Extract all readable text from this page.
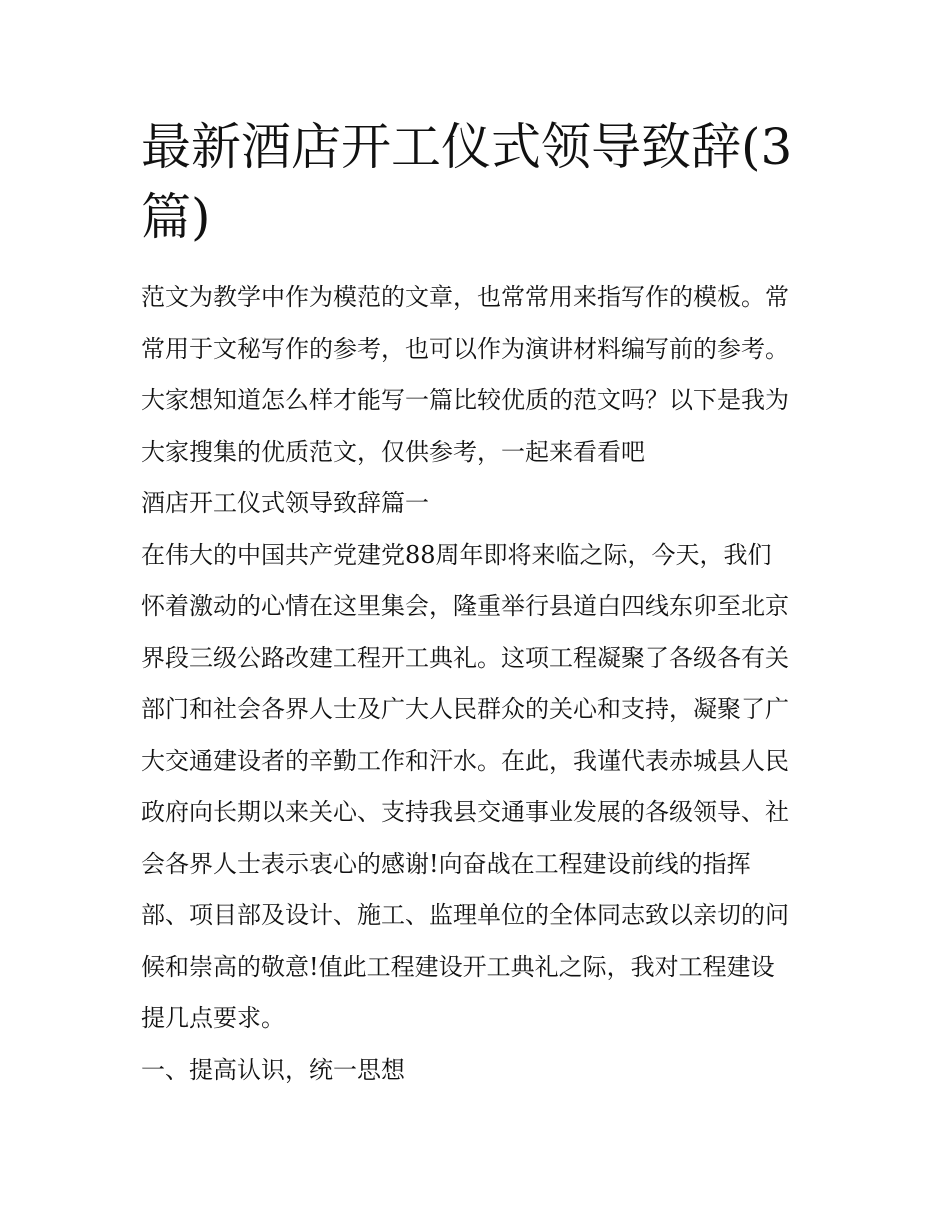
最新酒店开工仪式领导致辞(3
篇)
范文为教学中作为模范的文章，也常常用来指写作的模板。常
常用于文秘写作的参考，也可以作为演讲材料编写前的参考。
大家想知道怎么样才能写一篇比较优质的范文吗？以下是我为
大家搜集的优质范文，仅供参考，一起来看看吧
酒店开工仪式领导致辞篇一
在伟大的中国共产党建党88周年即将来临之际，今天，我们
怀着激动的心情在这里集会，隆重举行县道白四线东卯至北京
界段三级公路改建工程开工典礼。这项工程凝聚了各级各有关
部门和社会各界人士及广大人民群众的关心和支持，凝聚了广
大交通建设者的辛勤工作和汗水。在此，我谨代表赤城县人民
政府向长期以来关心、支持我县交通事业发展的各级领导、社
会各界人士表示衷心的感谢!向奋战在工程建设前线的指挥
部、项目部及设计、施工、监理单位的全体同志致以亲切的问
候和崇高的敬意!值此工程建设开工典礼之际，我对工程建设
提几点要求。
一、提高认识，统一思想
